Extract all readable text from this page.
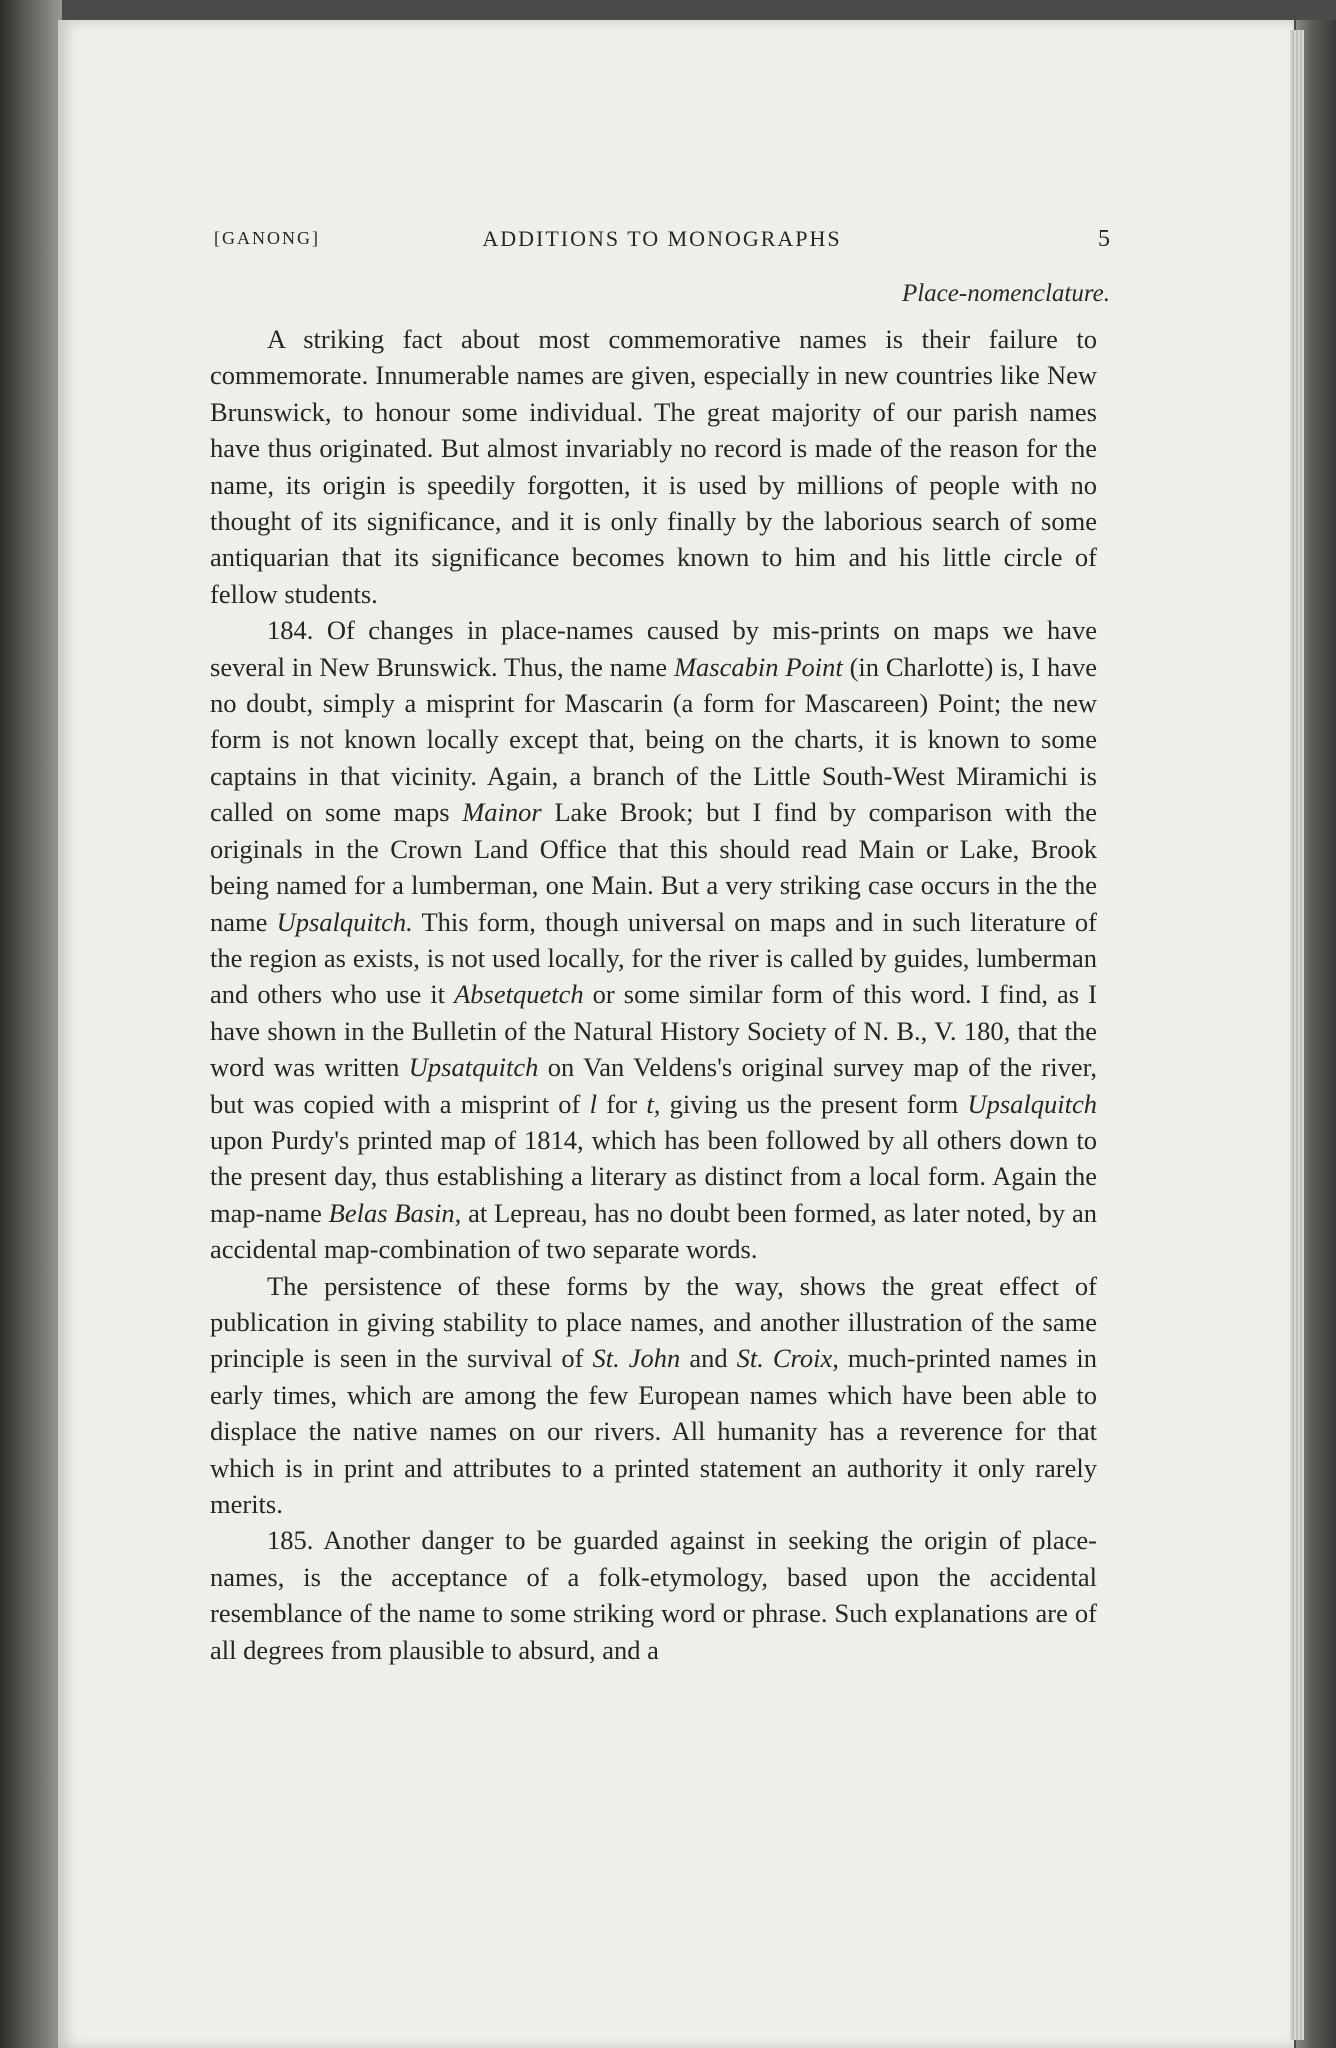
[GANONG]	ADDITIONS TO MONOGRAPHS	5
Place-nomenclature.

A striking fact about most commemorative names is their failure to commemorate. Innumerable names are given, especially in new countries like New Brunswick, to honour some individual. The great majority of our parish names have thus originated. But almost invariably no record is made of the reason for the name, its origin is speedily forgotten, it is used by millions of people with no thought of its significance, and it is only finally by the laborious search of some antiquarian that its significance becomes known to him and his little circle of fellow students.

184. Of changes in place-names caused by mis-prints on maps we have several in New Brunswick. Thus, the name Mascabin Point (in Charlotte) is, I have no doubt, simply a misprint for Mascarin (a form for Mascareen) Point; the new form is not known locally except that, being on the charts, it is known to some captains in that vicinity. Again, a branch of the Little South-West Miramichi is called on some maps Mainor Lake Brook; but I find by comparison with the originals in the Crown Land Office that this should read Main or Lake, Brook being named for a lumberman, one Main. But a very striking case occurs in the the name Upsalquitch. This form, though universal on maps and in such literature of the region as exists, is not used locally, for the river is called by guides, lumberman and others who use it Absetquetch or some similar form of this word. I find, as I have shown in the Bulletin of the Natural History Society of N. B., V. 180, that the word was written Upsatquitch on Van Veldens's original survey map of the river, but was copied with a misprint of l for t, giving us the present form Upsalquitch upon Purdy's printed map of 1814, which has been followed by all others down to the present day, thus establishing a literary as distinct from a local form. Again the map-name Belas Basin, at Lepreau, has no doubt been formed, as later noted, by an accidental map-combination of two separate words.

The persistence of these forms by the way, shows the great effect of publication in giving stability to place names, and another illustration of the same principle is seen in the survival of St. John and St. Croix, much-printed names in early times, which are among the few European names which have been able to displace the native names on our rivers. All humanity has a reverence for that which is in print and attributes to a printed statement an authority it only rarely merits.

185. Another danger to be guarded against in seeking the origin of place-names, is the acceptance of a folk-etymology, based upon the accidental resemblance of the name to some striking word or phrase. Such explanations are of all degrees from plausible to absurd, and a
